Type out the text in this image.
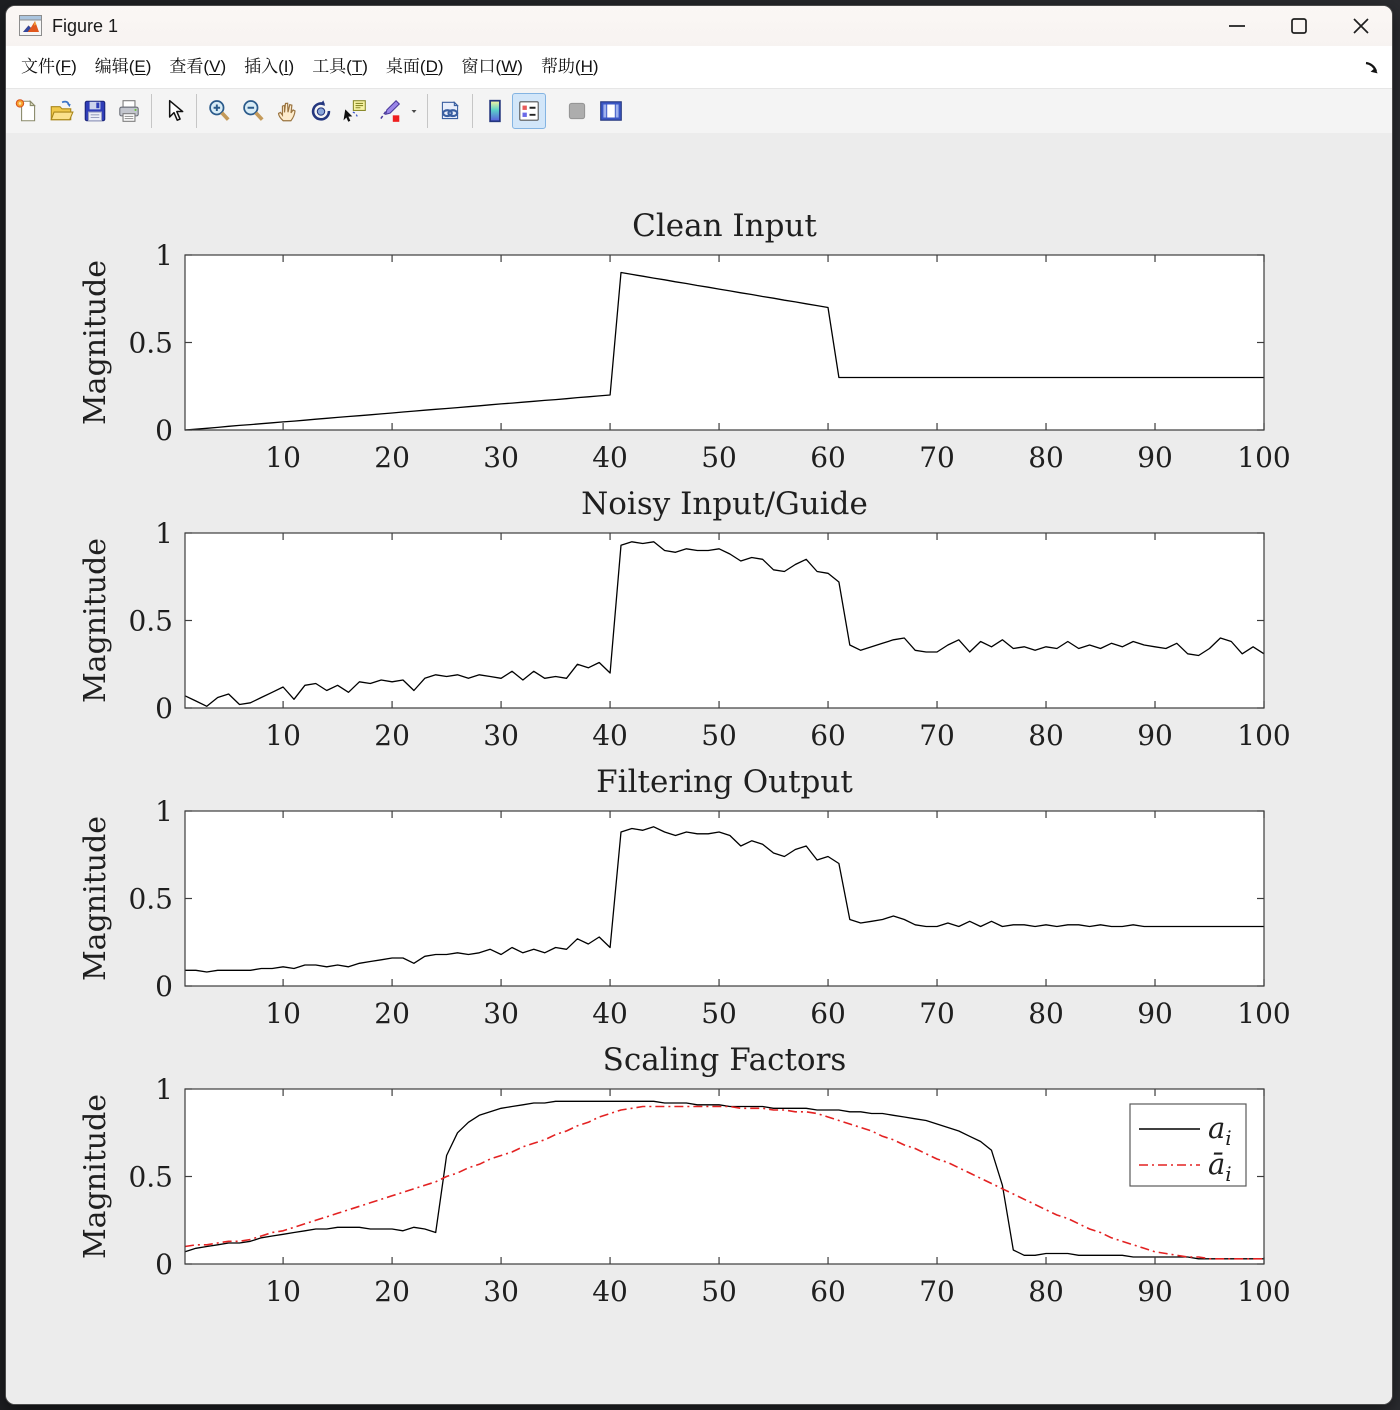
Figure 1
文件(F)	编辑(E)	查看(V)	插入(I)	工具(T)	桌面(D)	窗口(W)	帮助(H)
10	20	30	40	50	60	70	80	90 100
0
0.5
1
Clean Input
Magnitude
10	20	30	40	50	60	70	80	90 100
0
0.5
1
Noisy Input/Guide
Magnitude
10	20	30	40	50	60	70	80	90 100
0
0.5
1
Filtering Output
Magnitude
10	20	30	40	50	60	70	80	90 100
0
0.5
1
Scaling Factors
Magnitude	$a_i$
$ā_i$
